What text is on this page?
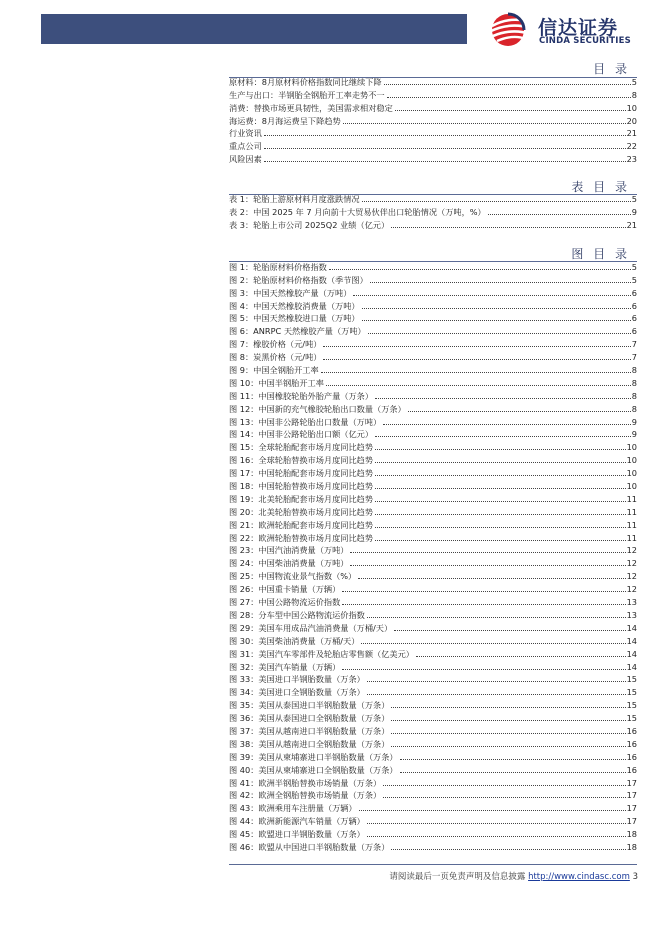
信达证券
CINDA SECURITIES
目 录
原材料：8月原材料价格指数同比继续下降	5
生产与出口：半钢胎全钢胎开工率走势不一	8
消费：替换市场更具韧性，美国需求相对稳定	10
海运费：8月海运费呈下降趋势	20
行业资讯	21
重点公司	22
风险因素	23
表 目 录
表 1：轮胎上游原材料月度涨跌情况	5
表 2：中国 2025 年 7 月向前十大贸易伙伴出口轮胎情况（万吨，%）	9
表 3：轮胎上市公司 2025Q2 业绩（亿元）	21
图 目 录
图 1：轮胎原材料价格指数	5
图 2：轮胎原材料价格指数（季节图）	5
图 3：中国天然橡胶产量（万吨）	6
图 4：中国天然橡胶消费量（万吨）	6
图 5：中国天然橡胶进口量（万吨）	6
图 6：ANRPC 天然橡胶产量（万吨）	6
图 7：橡胶价格（元/吨）	7
图 8：炭黑价格（元/吨）	7
图 9：中国全钢胎开工率	8
图 10：中国半钢胎开工率	8
图 11：中国橡胶轮胎外胎产量（万条）	8
图 12：中国新的充气橡胶轮胎出口数量（万条）	8
图 13：中国非公路轮胎出口数量（万吨）	9
图 14：中国非公路轮胎出口额（亿元）	9
图 15：全球轮胎配套市场月度同比趋势	10
图 16：全球轮胎替换市场月度同比趋势	10
图 17：中国轮胎配套市场月度同比趋势	10
图 18：中国轮胎替换市场月度同比趋势	10
图 19：北美轮胎配套市场月度同比趋势	11
图 20：北美轮胎替换市场月度同比趋势	11
图 21：欧洲轮胎配套市场月度同比趋势	11
图 22：欧洲轮胎替换市场月度同比趋势	11
图 23：中国汽油消费量（万吨）	12
图 24：中国柴油消费量（万吨）	12
图 25：中国物流业景气指数（%）	12
图 26：中国重卡销量（万辆）	12
图 27：中国公路物流运价指数	13
图 28：分车型中国公路物流运价指数	13
图 29：美国车用成品汽油消费量（万桶/天）	14
图 30：美国柴油消费量（万桶/天）	14
图 31：美国汽车零部件及轮胎店零售额（亿美元）	14
图 32：美国汽车销量（万辆）	14
图 33：美国进口半钢胎数量（万条）	15
图 34：美国进口全钢胎数量（万条）	15
图 35：美国从泰国进口半钢胎数量（万条）	15
图 36：美国从泰国进口全钢胎数量（万条）	15
图 37：美国从越南进口半钢胎数量（万条）	16
图 38：美国从越南进口全钢胎数量（万条）	16
图 39：美国从柬埔寨进口半钢胎数量（万条）	16
图 40：美国从柬埔寨进口全钢胎数量（万条）	16
图 41：欧洲半钢胎替换市场销量（万条）	17
图 42：欧洲全钢胎替换市场销量（万条）	17
图 43：欧洲乘用车注册量（万辆）	17
图 44：欧洲新能源汽车销量（万辆）	17
图 45：欧盟进口半钢胎数量（万条）	18
图 46：欧盟从中国进口半钢胎数量（万条）	18
请阅读最后一页免责声明及信息披露 http://www.cindasc.com 3
